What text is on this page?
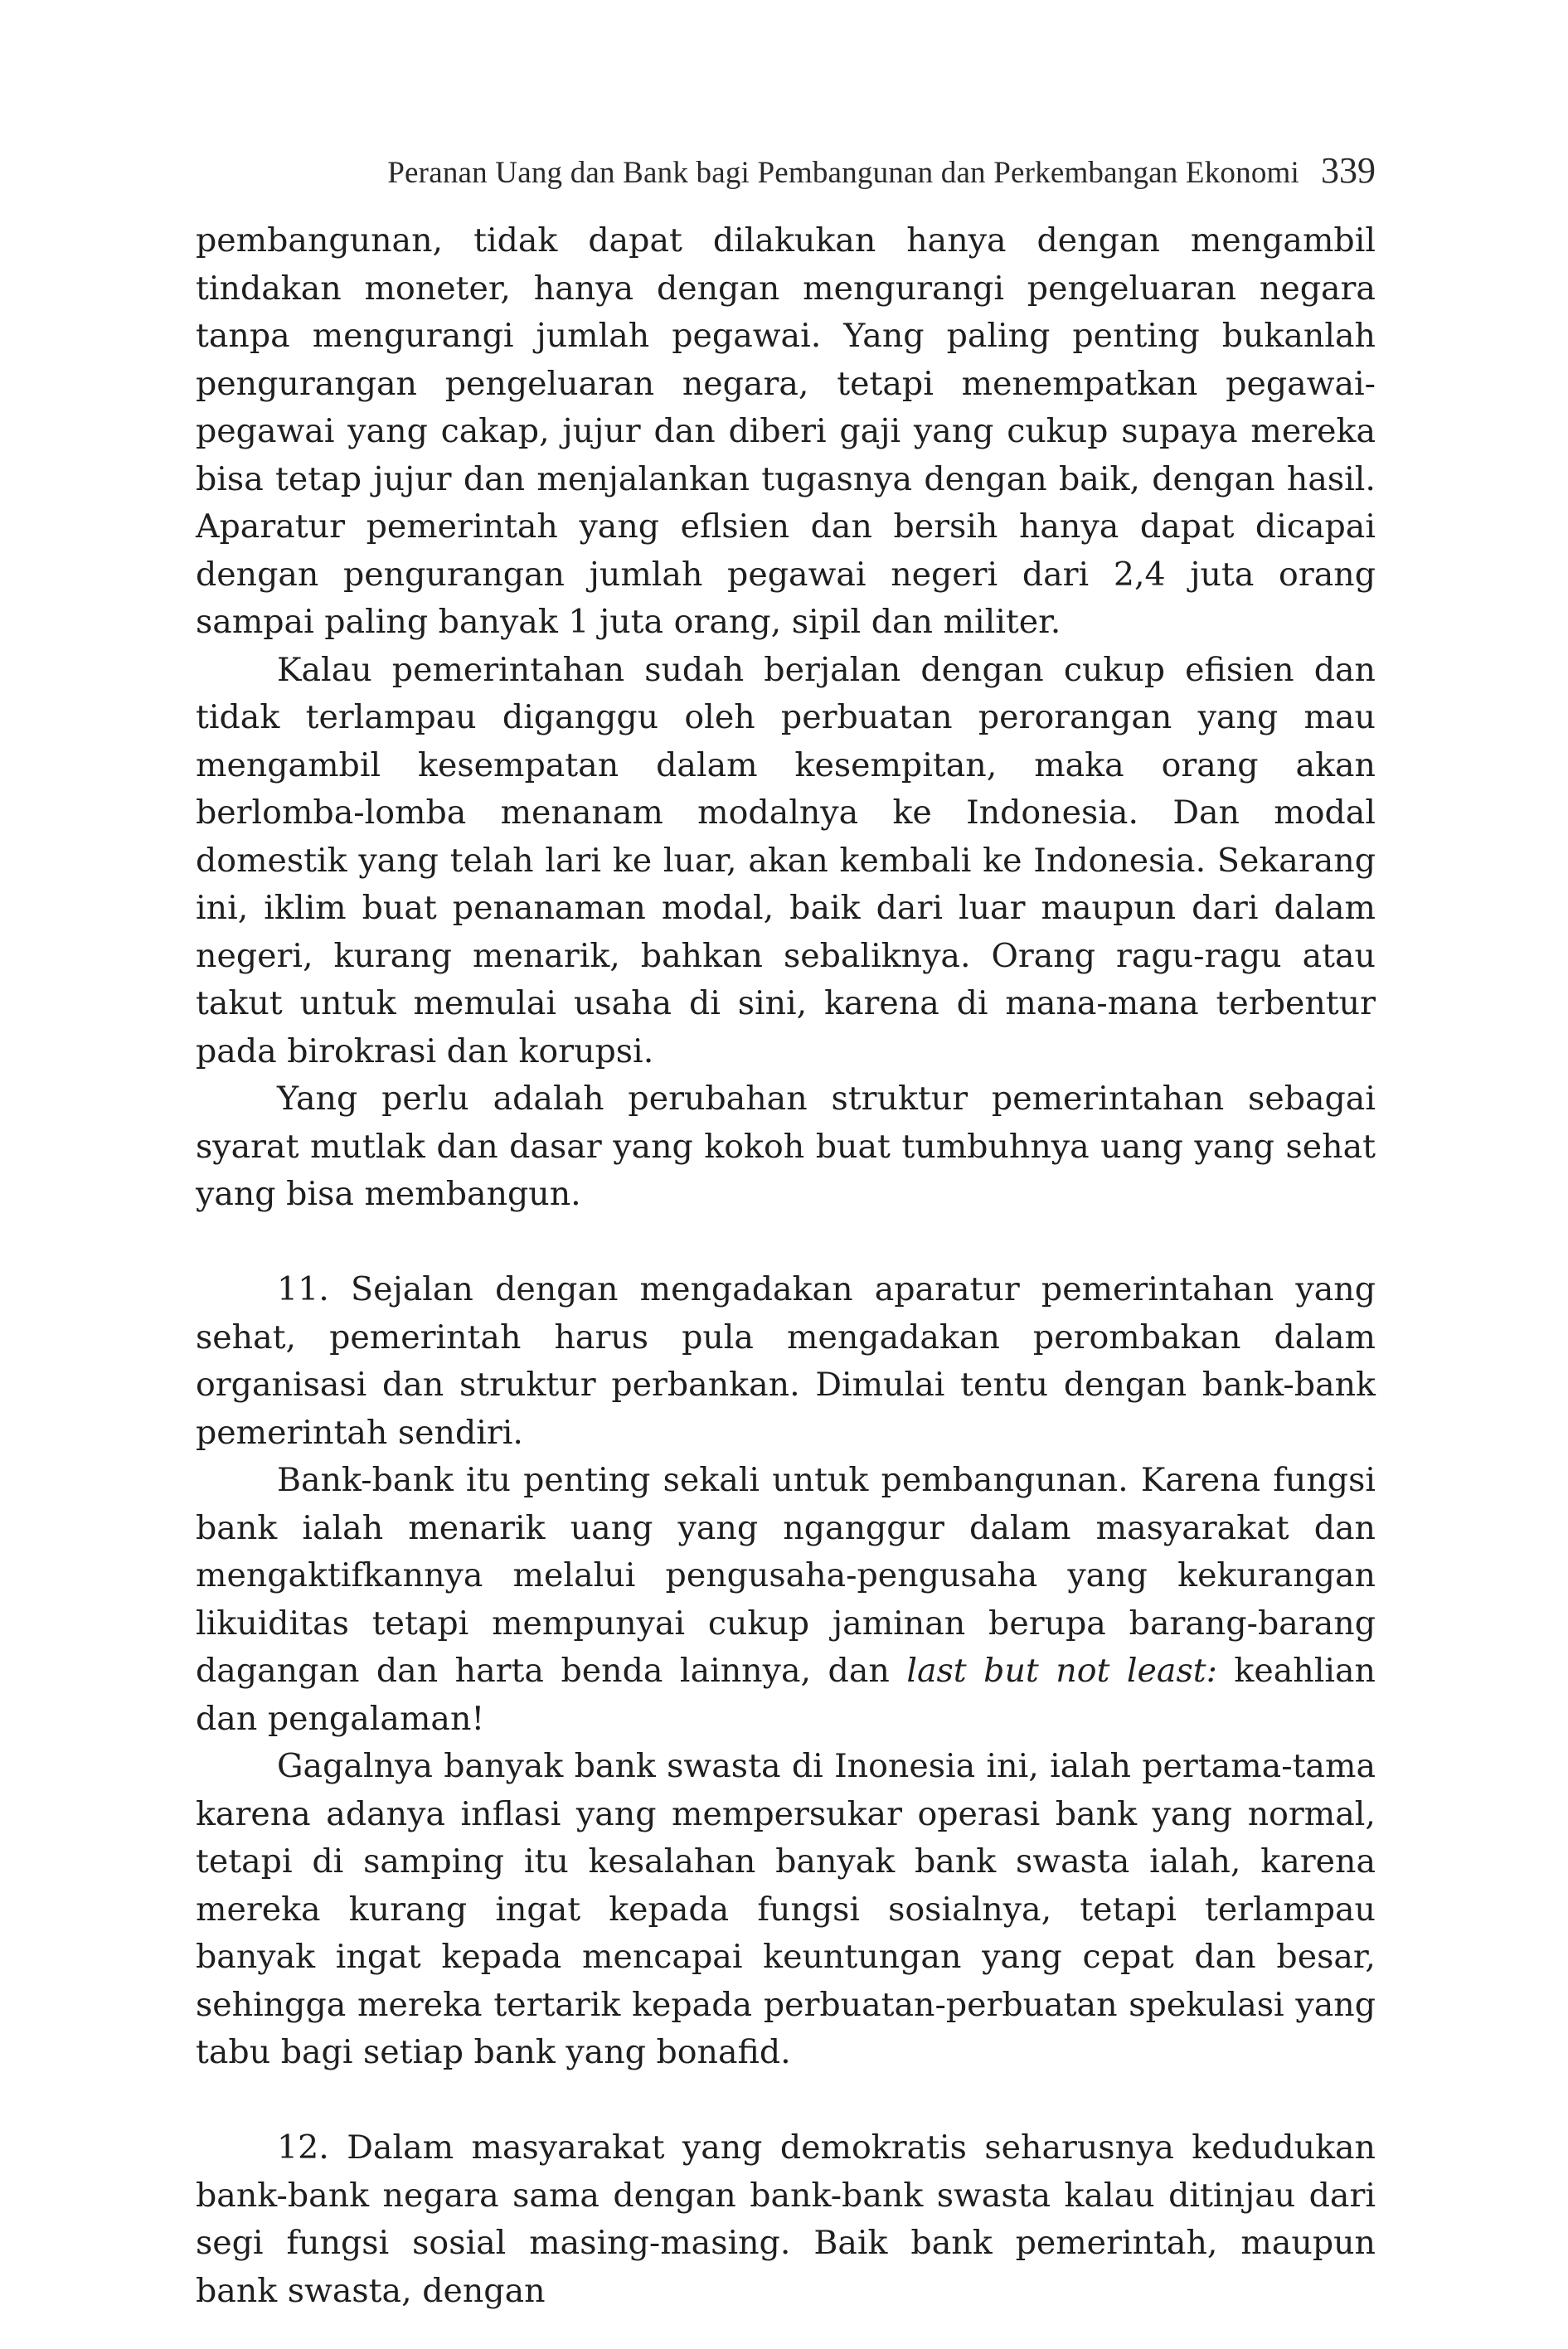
Peranan Uang dan Bank bagi Pembangunan dan Perkembangan Ekonomi 339

pembangunan, tidak dapat dilakukan hanya dengan mengambil tindakan moneter, hanya dengan mengurangi pengeluaran negara tanpa mengurangi jumlah pegawai. Yang paling penting bukanlah pengurangan pengeluaran negara, tetapi menempatkan pegawai-pegawai yang cakap, jujur dan diberi gaji yang cukup supaya mereka bisa tetap jujur dan menjalankan tugasnya dengan baik, dengan hasil. Aparatur pemerintah yang eflsien dan bersih hanya dapat dicapai dengan pengurangan jumlah pegawai negeri dari 2,4 juta orang sampai paling banyak 1 juta orang, sipil dan militer.

Kalau pemerintahan sudah berjalan dengan cukup efisien dan tidak terlampau diganggu oleh perbuatan perorangan yang mau mengambil kesempatan dalam kesempitan, maka orang akan berlomba-lomba menanam modalnya ke Indonesia. Dan modal domestik yang telah lari ke luar, akan kembali ke Indonesia. Sekarang ini, iklim buat penanaman modal, baik dari luar maupun dari dalam negeri, kurang menarik, bahkan sebaliknya. Orang ragu-ragu atau takut untuk memulai usaha di sini, karena di mana-mana terbentur pada birokrasi dan korupsi.

Yang perlu adalah perubahan struktur pemerintahan sebagai syarat mutlak dan dasar yang kokoh buat tumbuhnya uang yang sehat yang bisa membangun.

11. Sejalan dengan mengadakan aparatur pemerintahan yang sehat, pemerintah harus pula mengadakan perombakan dalam organisasi dan struktur perbankan. Dimulai tentu dengan bank-bank pemerintah sendiri.

Bank-bank itu penting sekali untuk pembangunan. Karena fungsi bank ialah menarik uang yang nganggur dalam masyarakat dan mengaktifkannya melalui pengusaha-pengusaha yang kekurangan likuiditas tetapi mempunyai cukup jaminan berupa barang-barang dagangan dan harta benda lainnya, dan last but not least: keahlian dan pengalaman!

Gagalnya banyak bank swasta di Inonesia ini, ialah pertama-tama karena adanya inflasi yang mempersukar operasi bank yang normal, tetapi di samping itu kesalahan banyak bank swasta ialah, karena mereka kurang ingat kepada fungsi sosialnya, tetapi terlampau banyak ingat kepada mencapai keuntungan yang cepat dan besar, sehingga mereka tertarik kepada perbuatan-perbuatan spekulasi yang tabu bagi setiap bank yang bonafid.

12. Dalam masyarakat yang demokratis seharusnya kedudukan bank-bank negara sama dengan bank-bank swasta kalau ditinjau dari segi fungsi sosial masing-masing. Baik bank pemerintah, maupun bank swasta, dengan
